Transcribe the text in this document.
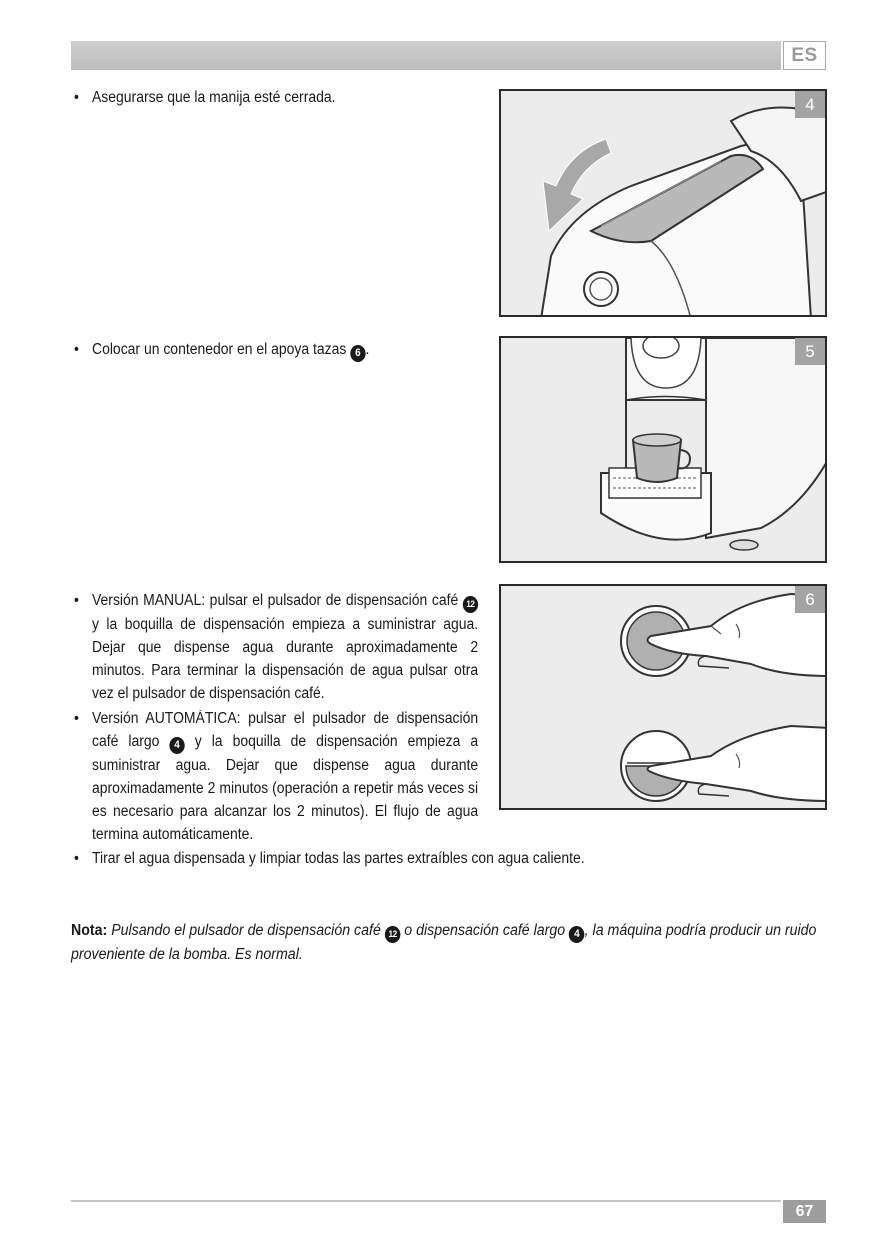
ES
• Asegurarse que la manija esté cerrada.
• Colocar un contenedor en el apoya tazas 6 .
• Versión MANUAL: pulsar el pulsador de dispensación café 12 y la boquilla de dispensación empieza a suministrar agua. Dejar que dispense agua durante aproximadamente 2 minutos. Para terminar la dispensación de agua pulsar otra vez el pulsador de dispensación café.
• Versión AUTOMÁTICA: pulsar el pulsador de dispensación café largo 4 y la boquilla de dispensación empieza a suministrar agua. Dejar que dispense agua durante aproximadamente 2 minutos (operación a repetir más veces si es necesario para alcanzar los 2 minutos). El flujo de agua termina automáticamente.
• Tirar el agua dispensada y limpiar todas las partes extraíbles con agua caliente.
4
5
6
Nota: Pulsando el pulsador de dispensación café 12 o dispensación café largo 4 , la máquina podría producir un ruido proveniente de la bomba. Es normal.
67
